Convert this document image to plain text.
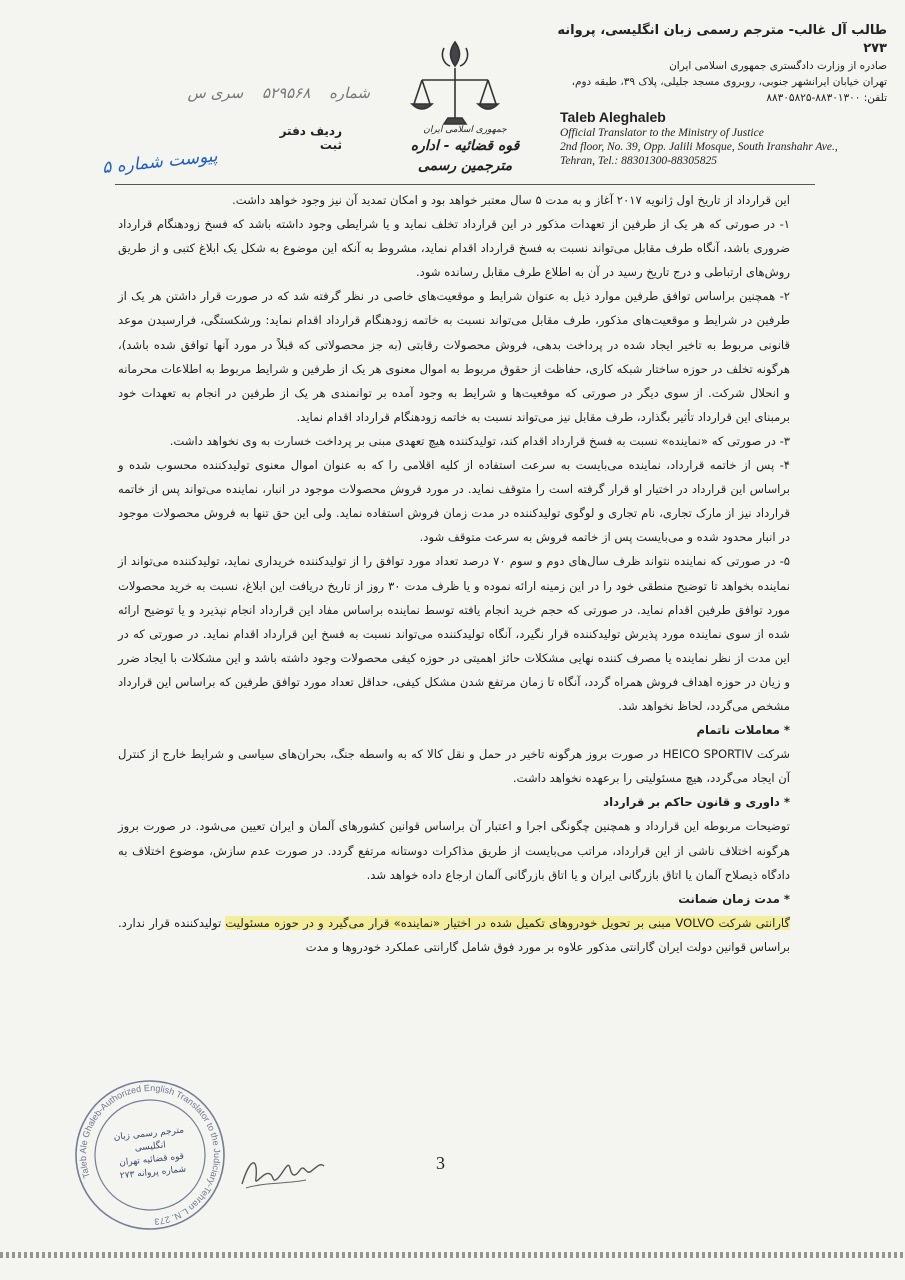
طالب آل غالب- مترجم رسمی زبان انگلیسی، پروانه ۲۷۳
صادره از وزارت دادگستری جمهوری اسلامی ایران
تهران خیابان ایرانشهر جنوبی، روبروی مسجد جلیلی، پلاک ۳۹، طبقه دوم،
تلفن: ۸۸۳۰۱۳۰۰-۸۸۳۰۵۸۲۵
جمهوری اسلامی ایران
قوه قضائیه - اداره مترجمین رسمی
Taleb Aleghaleb
Official Translator to the Ministry of Justice
2nd floor, No. 39, Opp. Jalili Mosque, South Iranshahr Ave.,
Tehran, Tel.: 88301300-88305825
شماره ۵۲۹۵۶۸ سری س
ردیف دفتر ثبت
پیوست شماره ۵

این قرارداد از تاریخ اول ژانویه ۲۰۱۷ آغاز و به مدت ۵ سال معتبر خواهد بود و امکان تمدید آن نیز وجود خواهد داشت.

۱- در صورتی که هر یک از طرفین از تعهدات مذکور در این قرارداد تخلف نماید و یا شرایطی وجود داشته باشد که فسخ زودهنگام قرارداد ضروری باشد، آنگاه طرف مقابل می‌تواند نسبت به فسخ قرارداد اقدام نماید، مشروط به آنکه این موضوع به شکل یک ابلاغ کتبی و از طریق روش‌های ارتباطی و درج تاریخ رسید در آن به اطلاع طرف مقابل رسانده شود.

۲- همچنین براساس توافق طرفین موارد ذیل به عنوان شرایط و موقعیت‌های خاصی در نظر گرفته شد که در صورت قرار داشتن هر یک از طرفین در شرایط و موقعیت‌های مذکور، طرف مقابل می‌تواند نسبت به خاتمه زودهنگام قرارداد اقدام نماید: ورشکستگی، فرارسیدن موعد قانونی مربوط به تاخیر ایجاد شده در پرداخت بدهی، فروش محصولات رقابتی (به جز محصولاتی که قبلاً در مورد آنها توافق شده باشد)، هرگونه تخلف در حوزه ساختار شبکه کاری، حفاظت از حقوق مربوط به اموال معنوی هر یک از طرفین و شرایط مربوط به اطلاعات محرمانه و انحلال شرکت. از سوی دیگر در صورتی که موقعیت‌ها و شرایط به وجود آمده بر توانمندی هر یک از طرفین در انجام به تعهدات خود برمبنای این قرارداد تأثیر بگذارد، طرف مقابل نیز می‌تواند نسبت به خاتمه زودهنگام قرارداد اقدام نماید.

۳- در صورتی که «نماینده» نسبت به فسخ قرارداد اقدام کند، تولیدکننده هیچ تعهدی مبنی بر پرداخت خسارت به وی نخواهد داشت.

۴- پس از خاتمه قرارداد، نماینده می‌بایست به سرعت استفاده از کلیه اقلامی را که به عنوان اموال معنوی تولیدکننده محسوب شده و براساس این قرارداد در اختیار او قرار گرفته است را متوقف نماید. در مورد فروش محصولات موجود در انبار، نماینده می‌تواند پس از خاتمه قرارداد نیز از مارک تجاری، نام تجاری و لوگوی تولیدکننده در مدت زمان فروش استفاده نماید. ولی این حق تنها به فروش محصولات موجود در انبار محدود شده و می‌بایست پس از خاتمه فروش به سرعت متوقف شود.

۵- در صورتی که نماینده نتواند ظرف سال‌های دوم و سوم ۷۰ درصد تعداد مورد توافق را از تولیدکننده خریداری نماید، تولیدکننده می‌تواند از نماینده بخواهد تا توضیح منطقی خود را در این زمینه ارائه نموده و یا ظرف مدت ۳۰ روز از تاریخ دریافت این ابلاغ، نسبت به خرید محصولات مورد توافق طرفین اقدام نماید. در صورتی که حجم خرید انجام یافته توسط نماینده براساس مفاد این قرارداد انجام نپذیرد و یا توضیح ارائه شده از سوی نماینده مورد پذیرش تولیدکننده قرار نگیرد، آنگاه تولیدکننده می‌تواند نسبت به فسخ این قرارداد اقدام نماید. در صورتی که در این مدت از نظر نماینده یا مصرف کننده نهایی مشکلات حائز اهمیتی در حوزه کیفی محصولات وجود داشته باشد و این مشکلات با ایجاد ضرر و زیان در حوزه اهداف فروش همراه گردد، آنگاه تا زمان مرتفع شدن مشکل کیفی، حداقل تعداد مورد توافق طرفین که براساس این قرارداد مشخص می‌گردد، لحاظ نخواهد شد.

* معاملات ناتمام

شرکت HEICO SPORTIV در صورت بروز هرگونه تاخیر در حمل و نقل کالا که به واسطه جنگ، بحران‌های سیاسی و شرایط خارج از کنترل آن ایجاد می‌گردد، هیچ مسئولیتی را برعهده نخواهد داشت.

* داوری و قانون حاکم بر قرارداد

توضیحات مربوطه این قرارداد و همچنین چگونگی اجرا و اعتبار آن براساس قوانین کشورهای آلمان و ایران تعیین می‌شود. در صورت بروز هرگونه اختلاف ناشی از این قرارداد، مراتب می‌بایست از طریق مذاکرات دوستانه مرتفع گردد. در صورت عدم سازش، موضوع اختلاف به دادگاه ذیصلاح آلمان یا اتاق بازرگانی ایران و یا اتاق بازرگانی آلمان ارجاع داده خواهد شد.

* مدت زمان ضمانت

گارانتی شرکت VOLVO مبنی بر تحویل خودروهای تکمیل شده در اختیار «نماینده» قرار می‌گیرد و در حوزه مسئولیت تولیدکننده قرار ندارد. براساس قوانین دولت ایران گارانتی مذکور علاوه بر مورد فوق شامل گارانتی عملکرد خودروها و مدت

Taleb Ale Ghaleb-Authorized English Translator to the Judiciary-Tehran L.N. 273
مترجم رسمی زبان انگلیسی
قوه قضائیه تهران
شماره پروانه ۲۷۳	3
